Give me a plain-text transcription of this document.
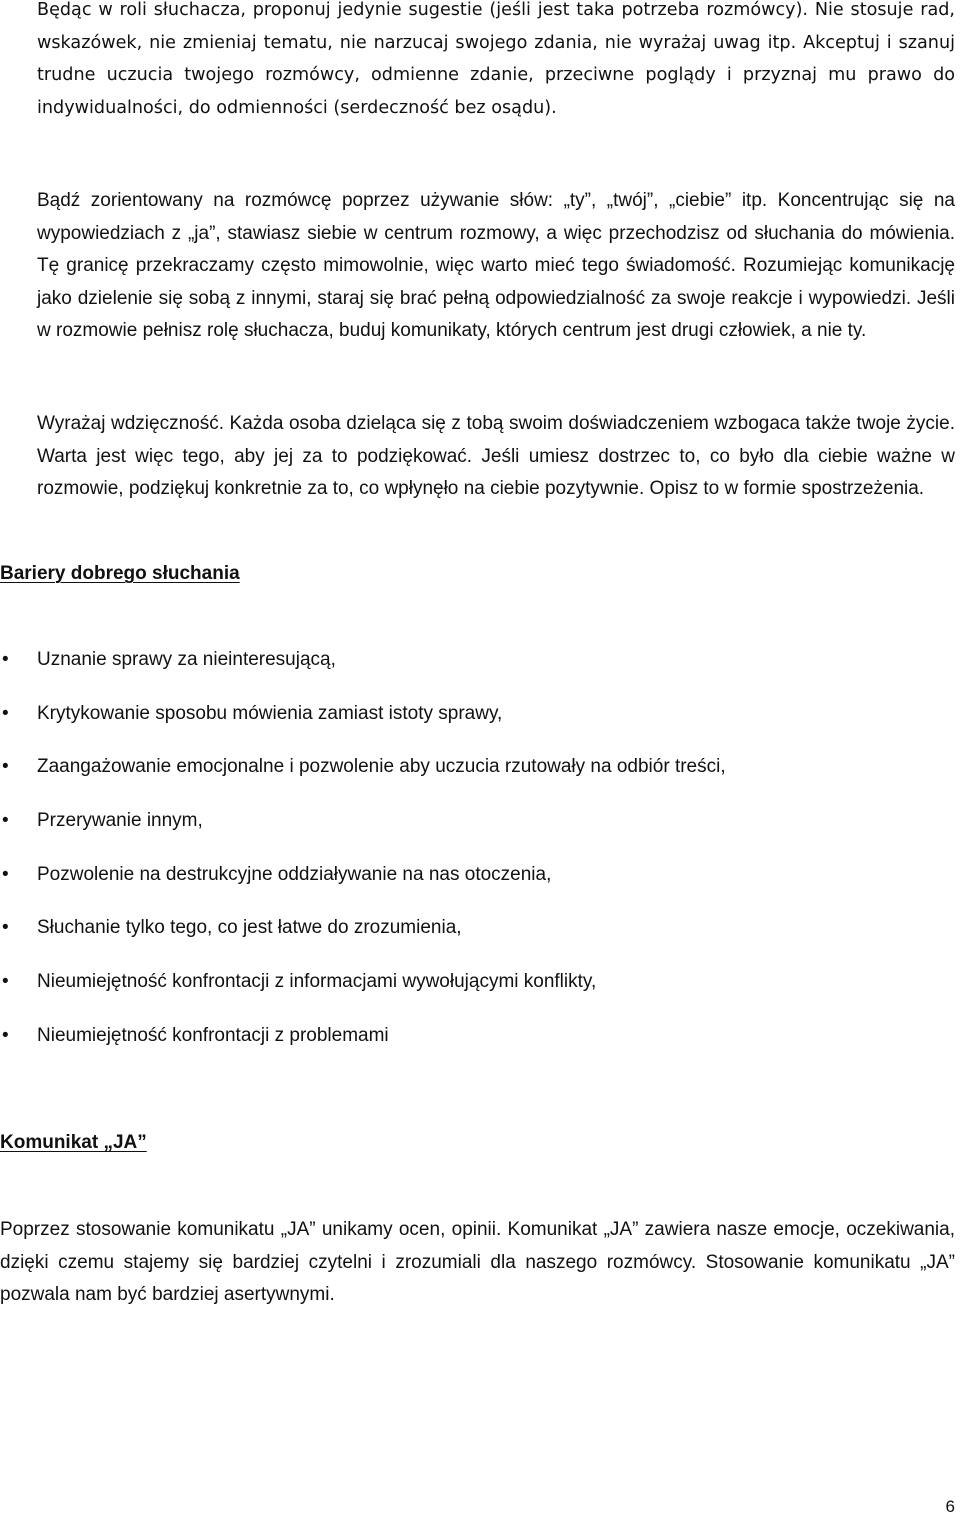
Będąc w roli słuchacza, proponuj jedynie sugestie (jeśli jest taka potrzeba rozmówcy). Nie stosuje rad, wskazówek, nie zmieniaj tematu, nie narzucaj swojego zdania, nie wyrażaj uwag itp. Akceptuj i szanuj trudne uczucia twojego rozmówcy, odmienne zdanie, przeciwne poglądy i przyznaj mu prawo do indywidualności, do odmienności (serdeczność bez osądu).

Bądź zorientowany na rozmówcę poprzez używanie słów: „ty”, „twój”, „ciebie” itp. Koncentrując się na wypowiedziach z „ja”, stawiasz siebie w centrum rozmowy, a więc przechodzisz od słuchania do mówienia. Tę granicę przekraczamy często mimowolnie, więc warto mieć tego świadomość. Rozumiejąc komunikację jako dzielenie się sobą z innymi, staraj się brać pełną odpowiedzialność za swoje reakcje i wypowiedzi. Jeśli w rozmowie pełnisz rolę słuchacza, buduj komunikaty, których centrum jest drugi człowiek, a nie ty.

Wyrażaj wdzięczność. Każda osoba dzieląca się z tobą swoim doświadczeniem wzbogaca także twoje życie. Warta jest więc tego, aby jej za to podziękować. Jeśli umiesz dostrzec to, co było dla ciebie ważne w rozmowie, podziękuj konkretnie za to, co wpłynęło na ciebie pozytywnie. Opisz to w formie spostrzeżenia.

Bariery dobrego słuchania
• Uznanie sprawy za nieinteresującą,
• Krytykowanie sposobu mówienia zamiast istoty sprawy,
• Zaangażowanie emocjonalne i pozwolenie aby uczucia rzutowały na odbiór treści,
• Przerywanie innym,
• Pozwolenie na destrukcyjne oddziaływanie na nas otoczenia,
• Słuchanie tylko tego, co jest łatwe do zrozumienia,
• Nieumiejętność konfrontacji z informacjami wywołującymi konflikty,
• Nieumiejętność konfrontacji z problemami
Komunikat „JA”

Poprzez stosowanie komunikatu „JA” unikamy ocen, opinii. Komunikat „JA” zawiera nasze emocje, oczekiwania, dzięki czemu stajemy się bardziej czytelni i zrozumiali dla naszego rozmówcy. Stosowanie komunikatu „JA” pozwala nam być bardziej asertywnymi.

6
